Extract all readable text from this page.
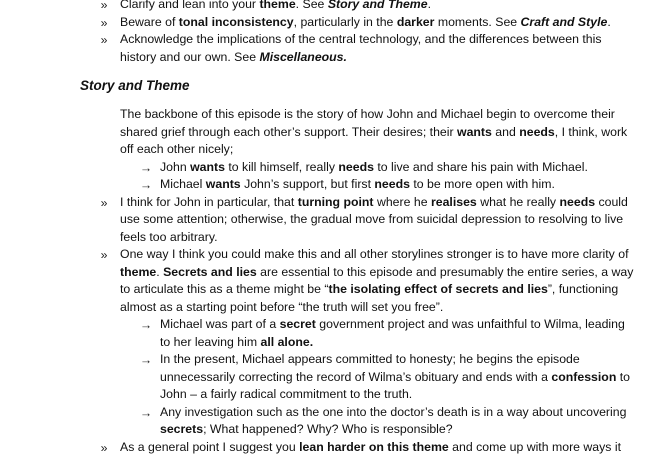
»	Clarify and lean into your theme. See Story and Theme.
»	Beware of tonal inconsistency, particularly in the darker moments. See Craft and Style.
»	Acknowledge the implications of the central technology, and the differences between this
history and our own. See Miscellaneous.
Story and Theme
The backbone of this episode is the story of how John and Michael begin to overcome their
shared grief through each other’s support. Their desires; their wants and needs, I think, work
off each other nicely;
→ John wants to kill himself, really needs to live and share his pain with Michael.
→ Michael wants John’s support, but first needs to be more open with him.
»	I think for John in particular, that turning point where he realises what he really needs could
use some attention; otherwise, the gradual move from suicidal depression to resolving to live
feels too arbitrary.
»	One way I think you could make this and all other storylines stronger is to have more clarity of
theme. Secrets and lies are essential to this episode and presumably the entire series, a way
to articulate this as a theme might be “the isolating effect of secrets and lies”, functioning
almost as a starting point before “the truth will set you free”.
→ Michael was part of a secret government project and was unfaithful to Wilma, leading
to her leaving him all alone.
→ In the present, Michael appears committed to honesty; he begins the episode
unnecessarily correcting the record of Wilma’s obituary and ends with a confession to
John – a fairly radical commitment to the truth.
→ Any investigation such as the one into the doctor’s death is in a way about uncovering
secrets; What happened? Why? Who is responsible?
»	As a general point I suggest you lean harder on this theme and come up with more ways it
